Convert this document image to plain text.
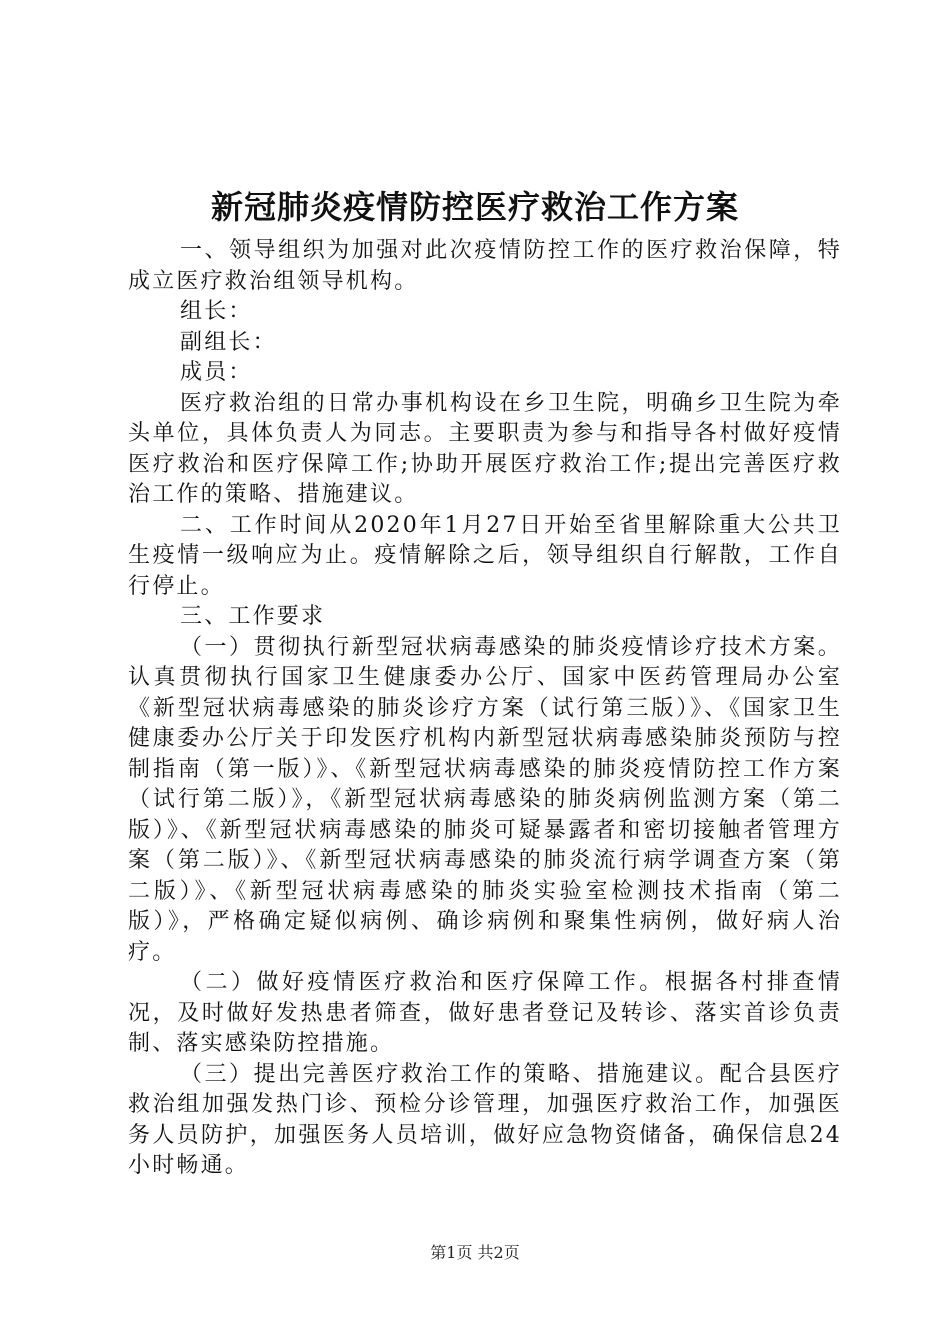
新冠肺炎疫情防控医疗救治工作方案

一、领导组织为加强对此次疫情防控工作的医疗救治保障，特成立医疗救治组领导机构。

组长：

副组长：

成员：

医疗救治组的日常办事机构设在乡卫生院，明确乡卫生院为牵头单位，具体负责人为同志。主要职责为参与和指导各村做好疫情医疗救治和医疗保障工作;协助开展医疗救治工作;提出完善医疗救治工作的策略、措施建议。

二、工作时间从2020年1月27日开始至省里解除重大公共卫生疫情一级响应为止。疫情解除之后，领导组织自行解散，工作自行停止。

三、工作要求

（一）贯彻执行新型冠状病毒感染的肺炎疫情诊疗技术方案。认真贯彻执行国家卫生健康委办公厅、国家中医药管理局办公室《新型冠状病毒感染的肺炎诊疗方案（试行第三版）》、《国家卫生健康委办公厅关于印发医疗机构内新型冠状病毒感染肺炎预防与控制指南（第一版）》、《新型冠状病毒感染的肺炎疫情防控工作方案（试行第二版）》，《新型冠状病毒感染的肺炎病例监测方案（第二版）》、《新型冠状病毒感染的肺炎可疑暴露者和密切接触者管理方案（第二版）》、《新型冠状病毒感染的肺炎流行病学调查方案（第二版）》、《新型冠状病毒感染的肺炎实验室检测技术指南（第二版）》，严格确定疑似病例、确诊病例和聚集性病例，做好病人治疗。

（二）做好疫情医疗救治和医疗保障工作。根据各村排查情况，及时做好发热患者筛查，做好患者登记及转诊、落实首诊负责制、落实感染防控措施。

（三）提出完善医疗救治工作的策略、措施建议。配合县医疗救治组加强发热门诊、预检分诊管理，加强医疗救治工作，加强医务人员防护，加强医务人员培训，做好应急物资储备，确保信息24小时畅通。

第1页 共2页
